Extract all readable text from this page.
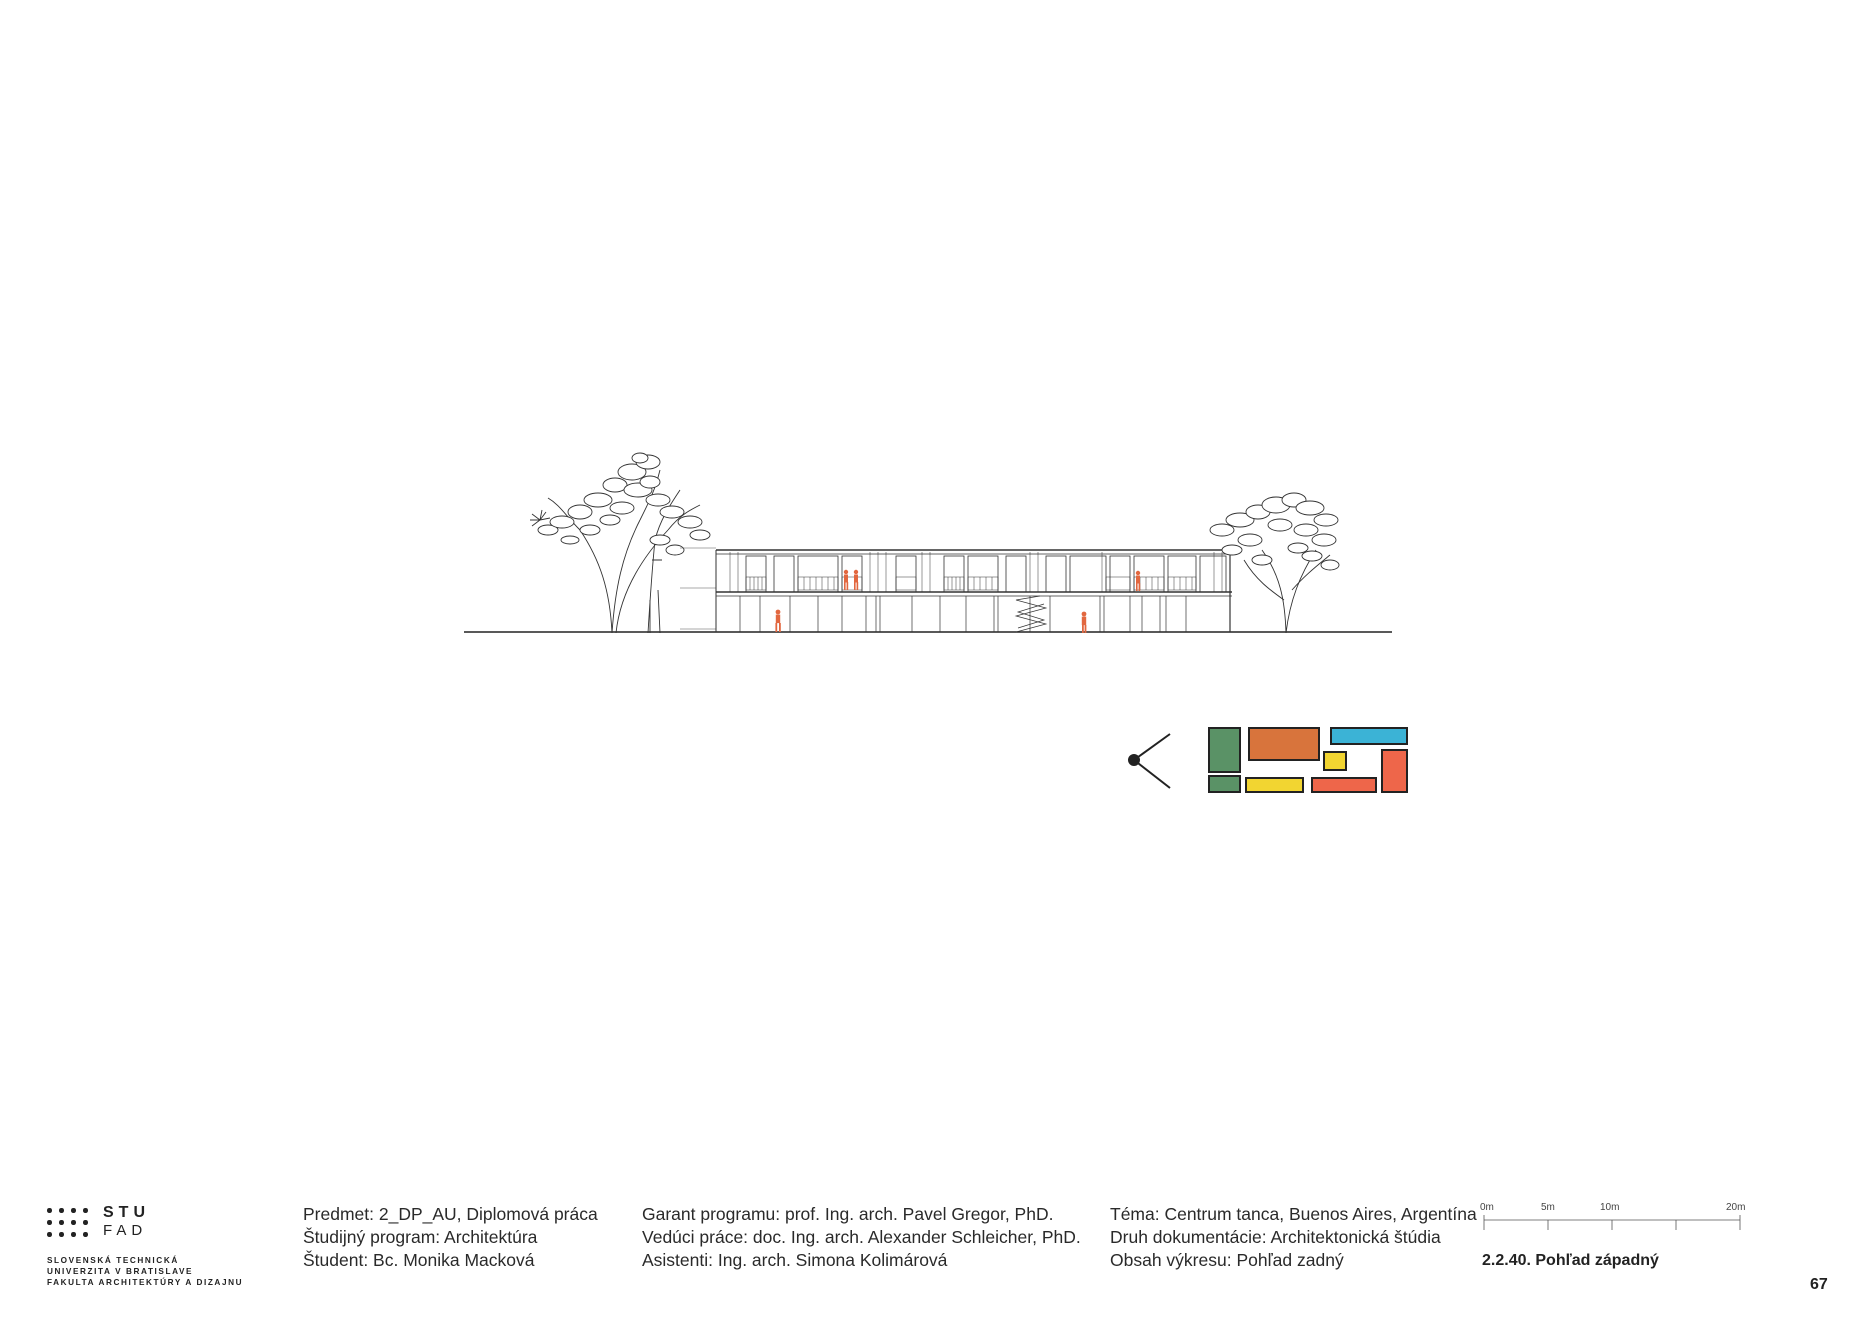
STU
FAD
SLOVENSKÁ TECHNICKÁ
UNIVERZITA V BRATISLAVE
FAKULTA ARCHITEKTÚRY A DIZAJNU
Predmet: 2_DP_AU, Diplomová práca
Študijný program: Architektúra
Študent: Bc. Monika Macková
Garant programu: prof. Ing. arch. Pavel Gregor, PhD.
Vedúci práce: doc. Ing. arch. Alexander Schleicher, PhD.
Asistenti: Ing. arch. Simona Kolimárová
Téma: Centrum tanca, Buenos Aires, Argentína
Druh dokumentácie: Architektonická štúdia
Obsah výkresu: Pohľad zadný
0m	5m	10m	20m
2.2.40. Pohľad západný
67
